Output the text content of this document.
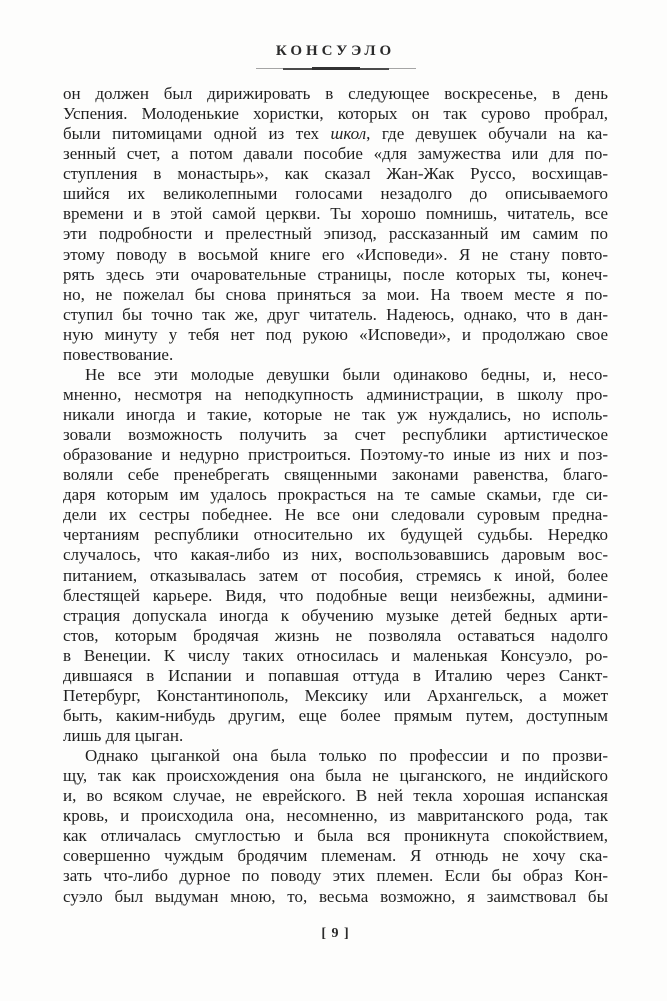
КОНСУЭЛО
он должен был дирижировать в следующее воскресенье, в день
Успения. Молоденькие хористки, которых он так сурово пробрал,
были питомицами одной из тех школ, где девушек обучали на ка-
зенный счет, а потом давали пособие «для замужества или для по-
ступления в монастырь», как сказал Жан-Жак Руссо, восхищав-
шийся их великолепными голосами незадолго до описываемого
времени и в этой самой церкви. Ты хорошо помнишь, читатель, все
эти подробности и прелестный эпизод, рассказанный им самим по
этому поводу в восьмой книге его «Исповеди». Я не стану повто-
рять здесь эти очаровательные страницы, после которых ты, конеч-
но, не пожелал бы снова приняться за мои. На твоем месте я по-
ступил бы точно так же, друг читатель. Надеюсь, однако, что в дан-
ную минуту у тебя нет под рукою «Исповеди», и продолжаю свое
повествование.
Не все эти молодые девушки были одинаково бедны, и, несо-
мненно, несмотря на неподкупность администрации, в школу про-
никали иногда и такие, которые не так уж нуждались, но исполь-
зовали возможность получить за счет республики артистическое
образование и недурно пристроиться. Поэтому-то иные из них и поз-
воляли себе пренебрегать священными законами равенства, благо-
даря которым им удалось прокрасться на те самые скамьи, где си-
дели их сестры победнее. Не все они следовали суровым предна-
чертаниям республики относительно их будущей судьбы. Нередко
случалось, что какая-либо из них, воспользовавшись даровым вос-
питанием, отказывалась затем от пособия, стремясь к иной, более
блестящей карьере. Видя, что подобные вещи неизбежны, админи-
страция допускала иногда к обучению музыке детей бедных арти-
стов, которым бродячая жизнь не позволяла оставаться надолго
в Венеции. К числу таких относилась и маленькая Консуэло, ро-
дившаяся в Испании и попавшая оттуда в Италию через Санкт-
Петербург, Константинополь, Мексику или Архангельск, а может
быть, каким-нибудь другим, еще более прямым путем, доступным
лишь для цыган.
Однако цыганкой она была только по профессии и по прозви-
щу, так как происхождения она была не цыганского, не индийского
и, во всяком случае, не еврейского. В ней текла хорошая испанская
кровь, и происходила она, несомненно, из мавританского рода, так
как отличалась смуглостью и была вся проникнута спокойствием,
совершенно чуждым бродячим племенам. Я отнюдь не хочу ска-
зать что-либо дурное по поводу этих племен. Если бы образ Кон-
суэло был выдуман мною, то, весьма возможно, я заимствовал бы
[ 9 ]
